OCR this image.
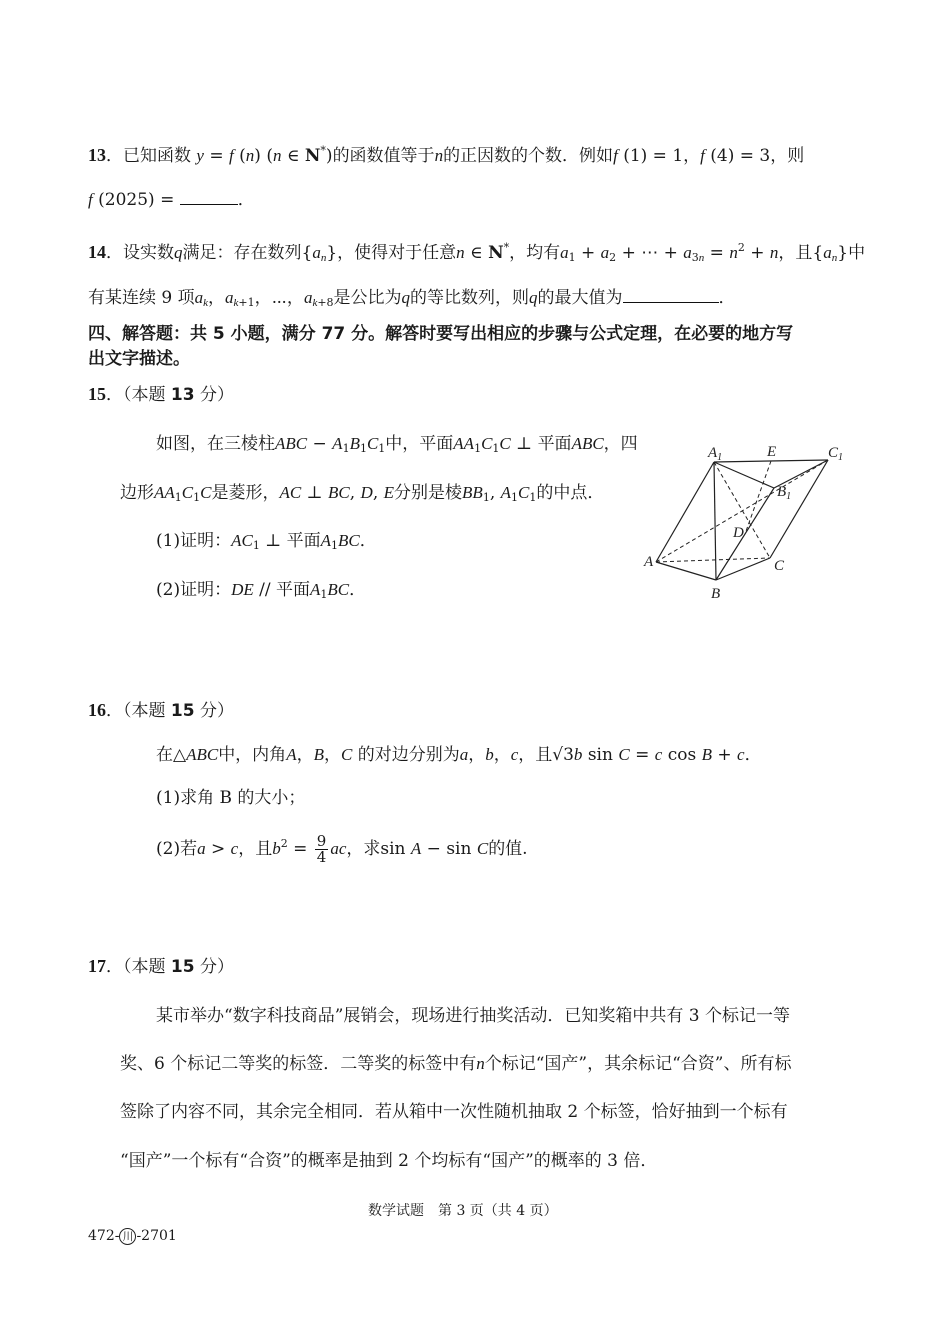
13．已知函数 y = f (n) (n ∈ N*)的函数值等于n的正因数的个数．例如f (1) = 1，f (4) = 3，则
f (2025) =	．
14．设实数q满足：存在数列$\{a_n\}$，使得对于任意n ∈ N*，均有$a_1 + a_2$ + ⋯ + $a_{3n} = n^2 + n$，且$\{a_n\}$中
有某连续 9 项$a_k$，$a_{k+1}$，⋯，$a_{k+8}$是公比为q的等比数列，则q的最大值为	．
四、解答题：共 5 小题，满分 77 分。解答时要写出相应的步骤与公式定理，在必要的地方写
出文字描述。
15．（本题 13 分）
如图，在三棱柱ABC − $A_1B_1C_1$中，平面$AA_1C_1C$ ⊥ 平面ABC，四
边形$AA_1C_1C$是菱形，AC ⊥ BC, D, E分别是棱$BB_1$, $A_1C_1$的中点．
(1)证明：$AC_1$ ⊥ 平面$A_1BC$．
(2)证明：DE // 平面$A_1BC$．
$A_1$	E	$C_1$
$B_1$
D
A	C
B
16．（本题 15 分）
在△ABC中，内角A，B，C 的对边分别为a，b，c，且√3b sin C = c cos B + c．
(1)求角 B 的大小；
(2)若a > c，且$b^2 = \frac{9}{4}$ ac，求sin A − sin C的值.
17．（本题 15 分）
某市举办“数字科技商品”展销会，现场进行抽奖活动．已知奖箱中共有 3 个标记一等
奖、6 个标记二等奖的标签．二等奖的标签中有n个标记“国产”，其余标记“合资”、所有标
签除了内容不同，其余完全相同．若从箱中一次性随机抽取 2 个标签，恰好抽到一个标有
“国产”一个标有“合资”的概率是抽到 2 个均标有“国产”的概率的 3 倍．
数学试题　第 3 页（共 4 页）
472- 川 -2701
